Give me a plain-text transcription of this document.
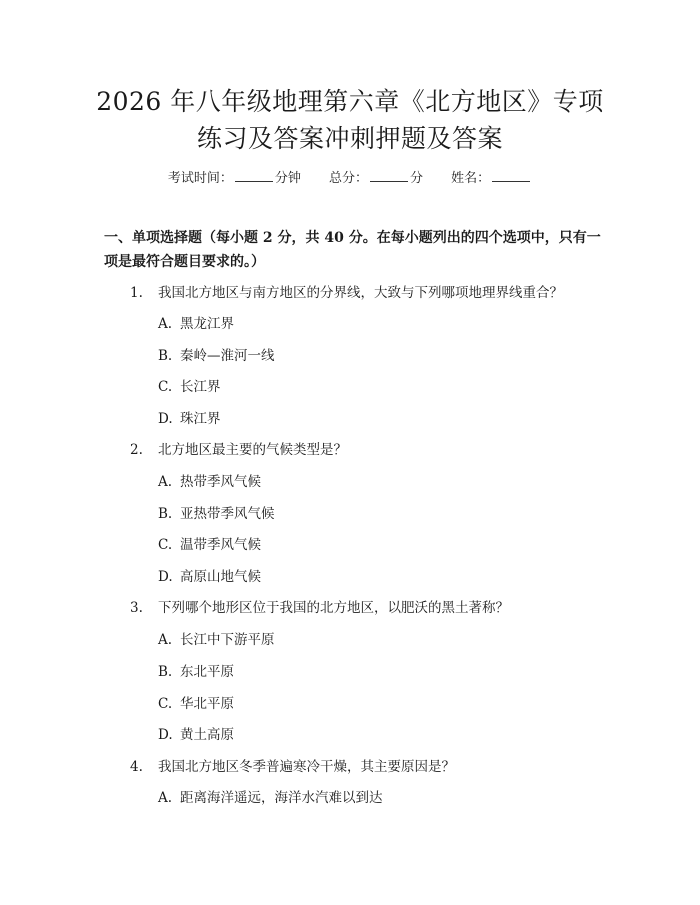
2026 年八年级地理第六章《北方地区》专项
练习及答案冲刺押题及答案
考试时间：	分钟 总分：	分 姓名：

一、单项选择题（每小题 2 分，共 40 分。在每小题列出的四个选项中，只有一项是最符合题目要求的。）

1. 我国北方地区与南方地区的分界线，大致与下列哪项地理界线重合？
A. 黑龙江界
B. 秦岭—淮河一线
C. 长江界
D. 珠江界
2. 北方地区最主要的气候类型是？
A. 热带季风气候
B. 亚热带季风气候
C. 温带季风气候
D. 高原山地气候
3. 下列哪个地形区位于我国的北方地区，以肥沃的黑土著称？
A. 长江中下游平原
B. 东北平原
C. 华北平原
D. 黄土高原
4. 我国北方地区冬季普遍寒冷干燥，其主要原因是？
A. 距离海洋遥远，海洋水汽难以到达
